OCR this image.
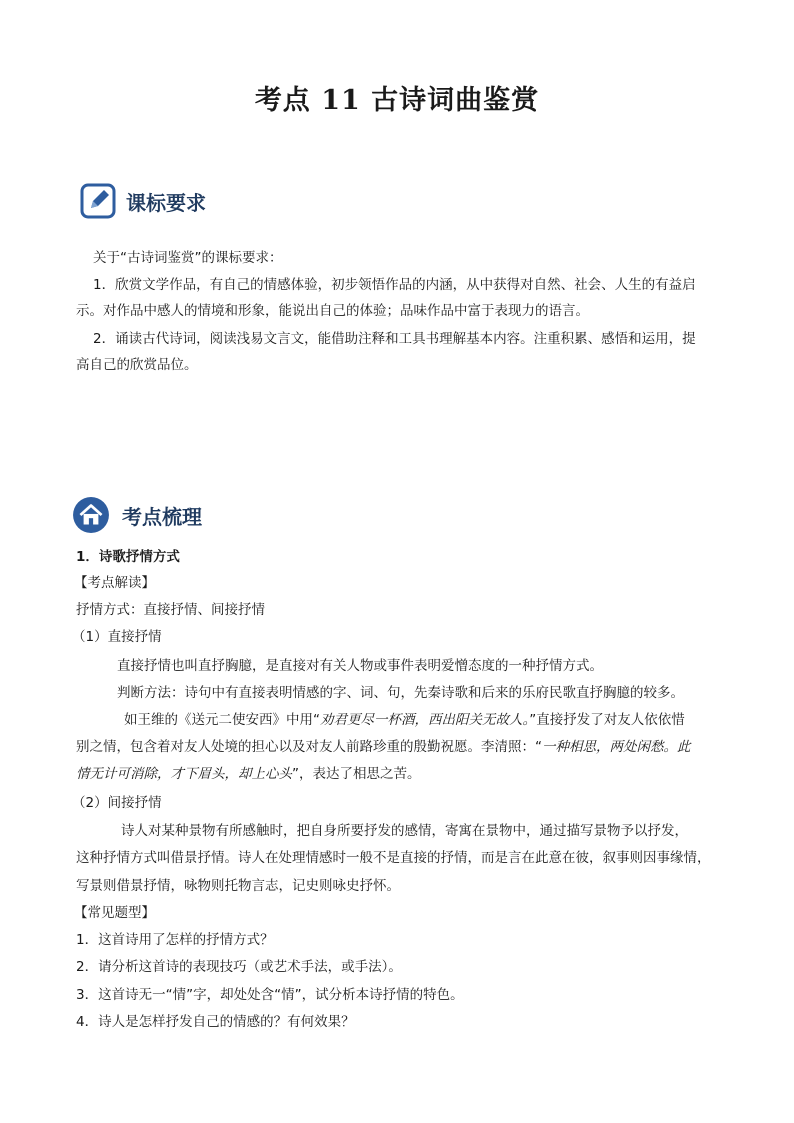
考点 11 古诗词曲鉴赏
课标要求
关于“古诗词鉴赏”的课标要求：
1．欣赏文学作品，有自己的情感体验，初步领悟作品的内涵，从中获得对自然、社会、人生的有益启
示。对作品中感人的情境和形象，能说出自己的体验；品味作品中富于表现力的语言。
2．诵读古代诗词，阅读浅易文言文，能借助注释和工具书理解基本内容。注重积累、感悟和运用，提
高自己的欣赏品位。
考点梳理
1．诗歌抒情方式
【考点解读】
抒情方式：直接抒情、间接抒情
（1）直接抒情
直接抒情也叫直抒胸臆，是直接对有关人物或事件表明爱憎态度的一种抒情方式。
判断方法：诗句中有直接表明情感的字、词、句，先秦诗歌和后来的乐府民歌直抒胸臆的较多。
如王维的《送元二使安西》中用“劝君更尽一杯酒，西出阳关无故人。”直接抒发了对友人依依惜
别之情，包含着对友人处境的担心以及对友人前路珍重的殷勤祝愿。李清照：“一种相思，两处闲愁。此
情无计可消除，才下眉头，却上心头”，表达了相思之苦。
（2）间接抒情
诗人对某种景物有所感触时，把自身所要抒发的感情，寄寓在景物中，通过描写景物予以抒发，
这种抒情方式叫借景抒情。诗人在处理情感时一般不是直接的抒情，而是言在此意在彼，叙事则因事缘情，
写景则借景抒情，咏物则托物言志，记史则咏史抒怀。
【常见题型】
1．这首诗用了怎样的抒情方式？
2．请分析这首诗的表现技巧（或艺术手法，或手法）。
3．这首诗无一“情”字，却处处含“情”，试分析本诗抒情的特色。
4．诗人是怎样抒发自己的情感的？有何效果？
